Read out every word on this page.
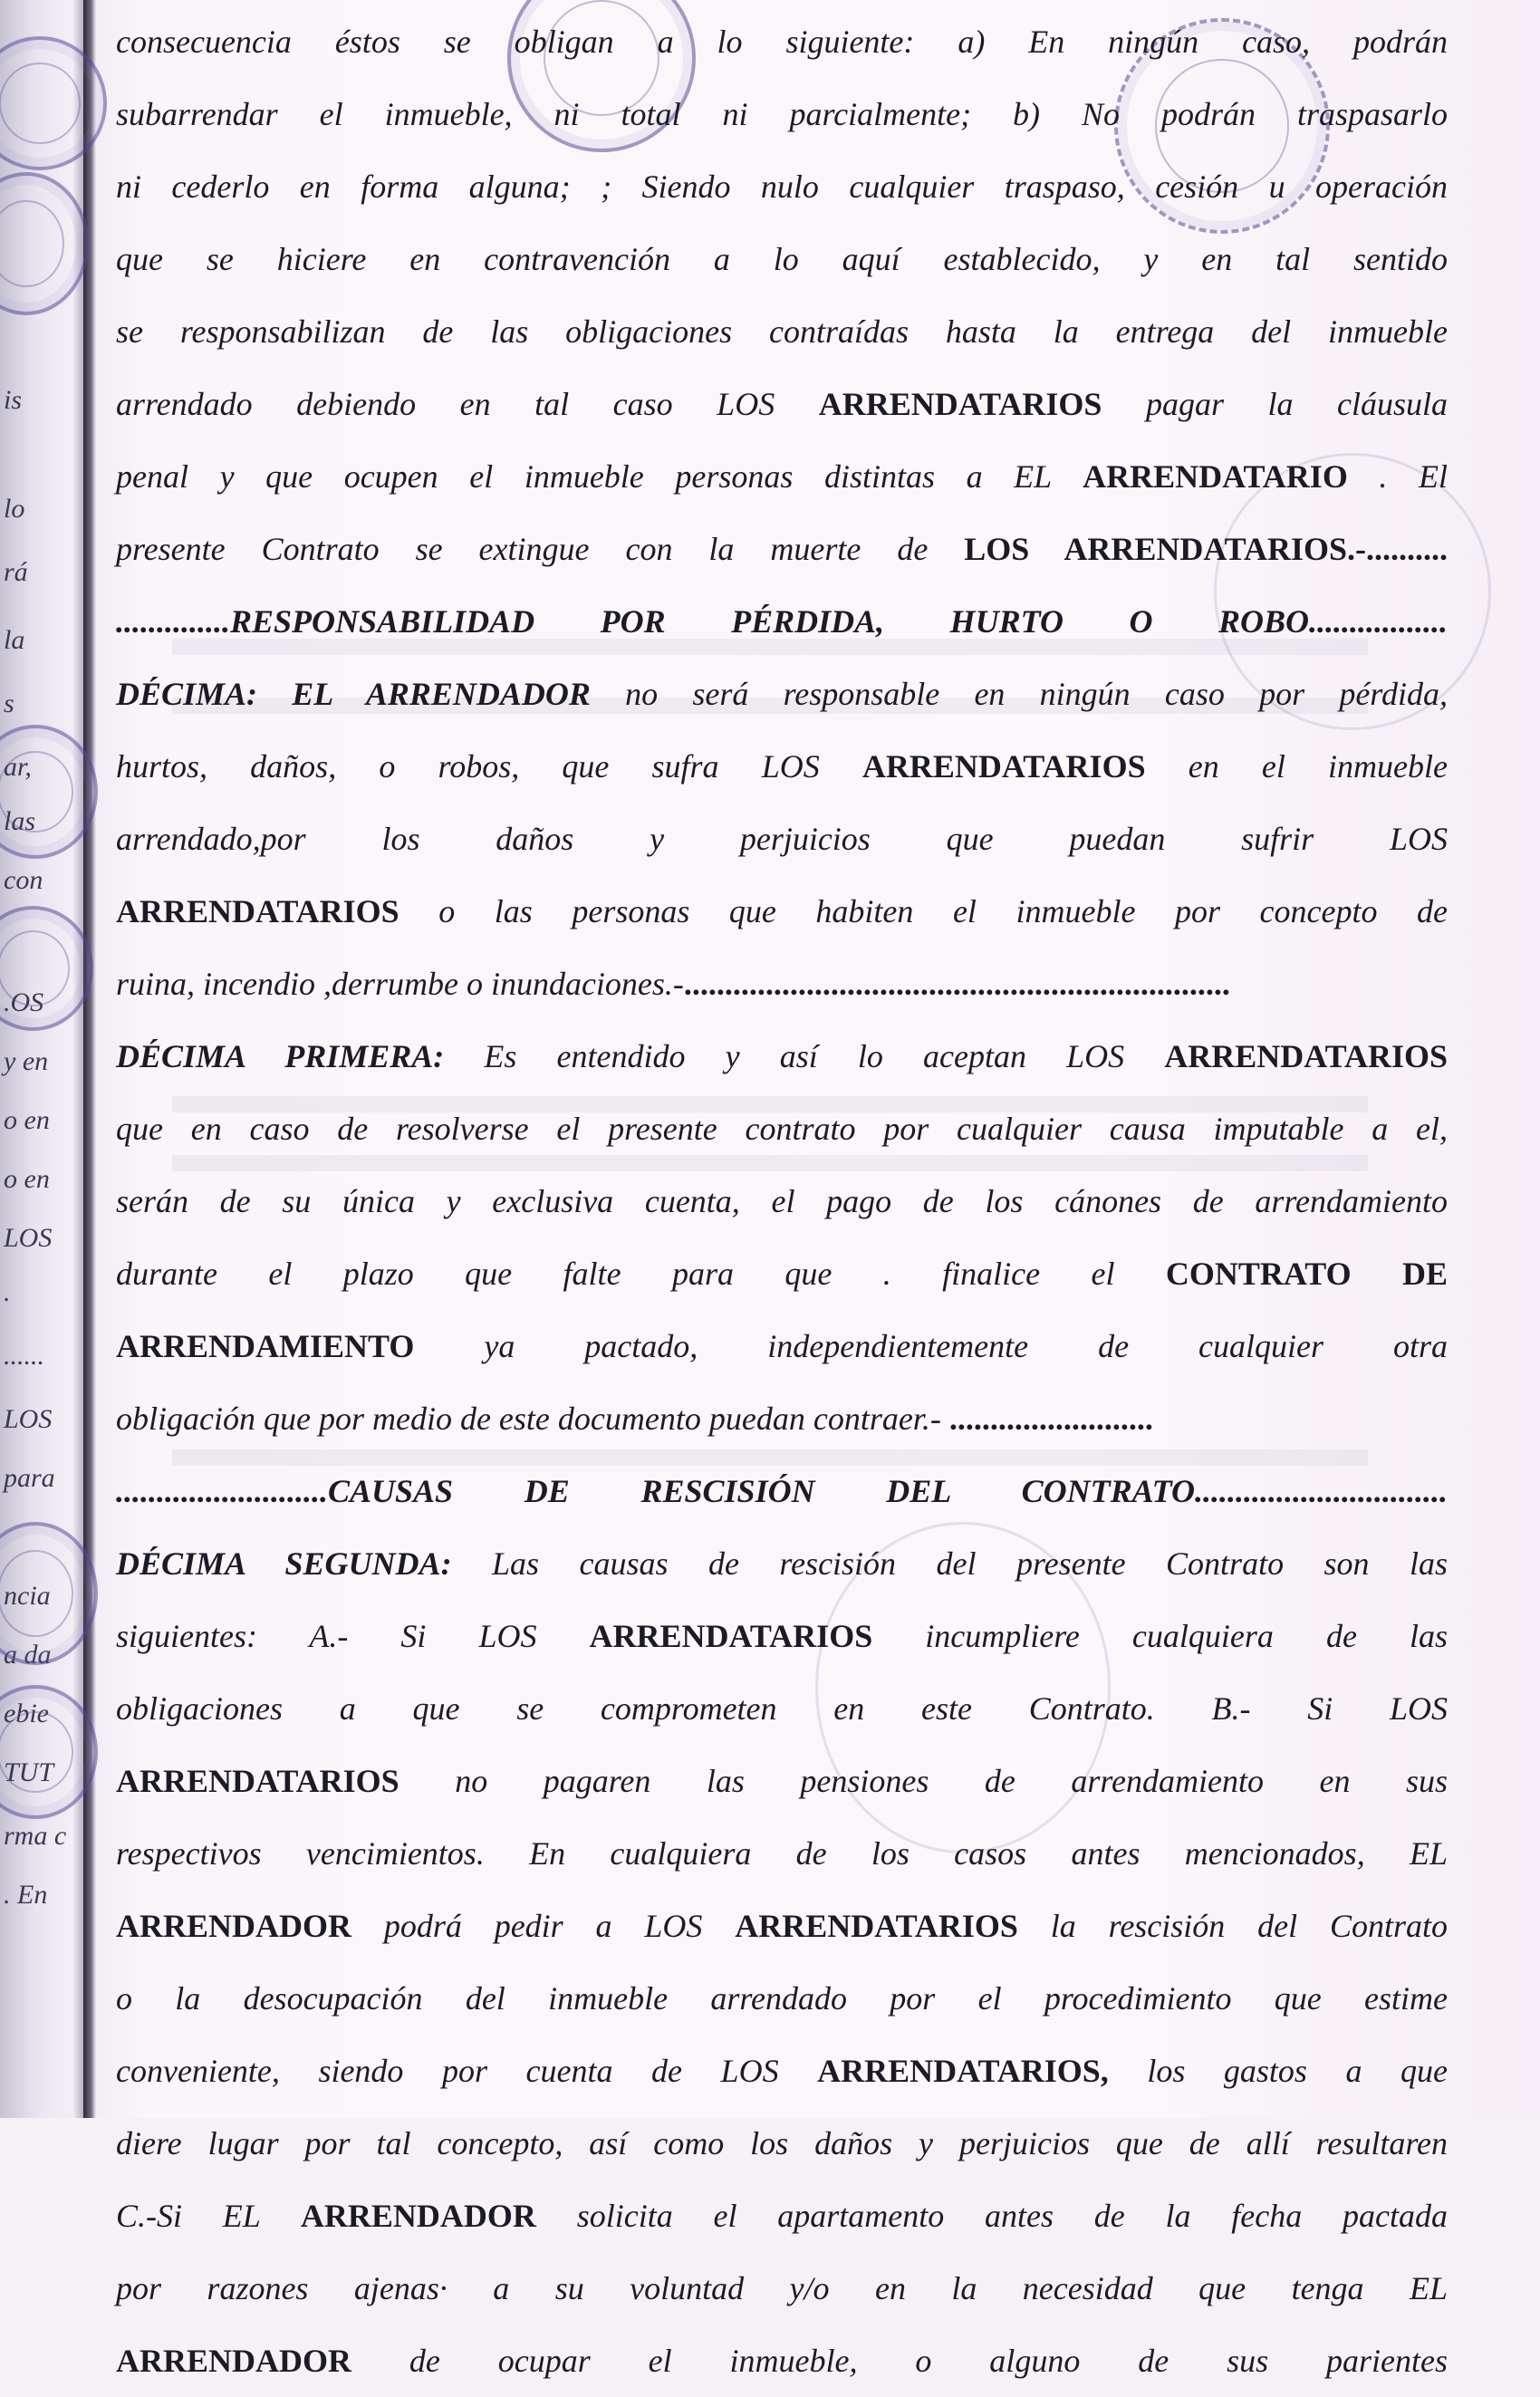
is
lo
rá
la
s
ar,
las
con
.OS
y en
o en
o en
LOS
.
......
LOS
para
ncia
a da
ebie
TUT
rma c
. En
consecuencia éstos se obligan a lo siguiente: a) En ningún caso, podrán
subarrendar el inmueble, ni total ni parcialmente; b) No podrán traspasarlo
ni cederlo en forma alguna; ; Siendo nulo cualquier traspaso, cesión u operación
que se hiciere en contravención a lo aquí establecido, y en tal sentido
se responsabilizan de las obligaciones contraídas hasta la entrega del inmueble
arrendado debiendo en tal caso LOS ARRENDATARIOS pagar la cláusula
penal y que ocupen el inmueble personas distintas a EL ARRENDATARIO . El
presente Contrato se extingue con la muerte de LOS ARRENDATARIOS.-..........
..............RESPONSABILIDAD POR PÉRDIDA, HURTO O ROBO.................
DÉCIMA: EL ARRENDADOR no será responsable en ningún caso por pérdida,
hurtos, daños, o robos, que sufra LOS ARRENDATARIOS en el inmueble
arrendado,por los daños y perjuicios que puedan sufrir LOS
ARRENDATARIOS o las personas que habiten el inmueble por concepto de
ruina, incendio ,derrumbe o inundaciones.-...................................................................
DÉCIMA PRIMERA: Es entendido y así lo aceptan LOS ARRENDATARIOS
que en caso de resolverse el presente contrato por cualquier causa imputable a el,
serán de su única y exclusiva cuenta, el pago de los cánones de arrendamiento
durante el plazo que falte para que . finalice el CONTRATO DE
ARRENDAMIENTO ya pactado, independientemente de cualquier otra
obligación que por medio de este documento puedan contraer.- .........................
..........................CAUSAS DE RESCISIÓN DEL CONTRATO...............................
DÉCIMA SEGUNDA: Las causas de rescisión del presente Contrato son las
siguientes: A.- Si LOS ARRENDATARIOS incumpliere cualquiera de las
obligaciones a que se comprometen en este Contrato. B.- Si LOS
ARRENDATARIOS no pagaren las pensiones de arrendamiento en sus
respectivos vencimientos. En cualquiera de los casos antes mencionados, EL
ARRENDADOR podrá pedir a LOS ARRENDATARIOS la rescisión del Contrato
o la desocupación del inmueble arrendado por el procedimiento que estime
conveniente, siendo por cuenta de LOS ARRENDATARIOS, los gastos a que
diere lugar por tal concepto, así como los daños y perjuicios que de allí resultaren
C.-Si EL ARRENDADOR solicita el apartamento antes de la fecha pactada
por razones ajenas· a su voluntad y/o en la necesidad que tenga EL
ARRENDADOR de ocupar el inmueble, o alguno de sus parientes
